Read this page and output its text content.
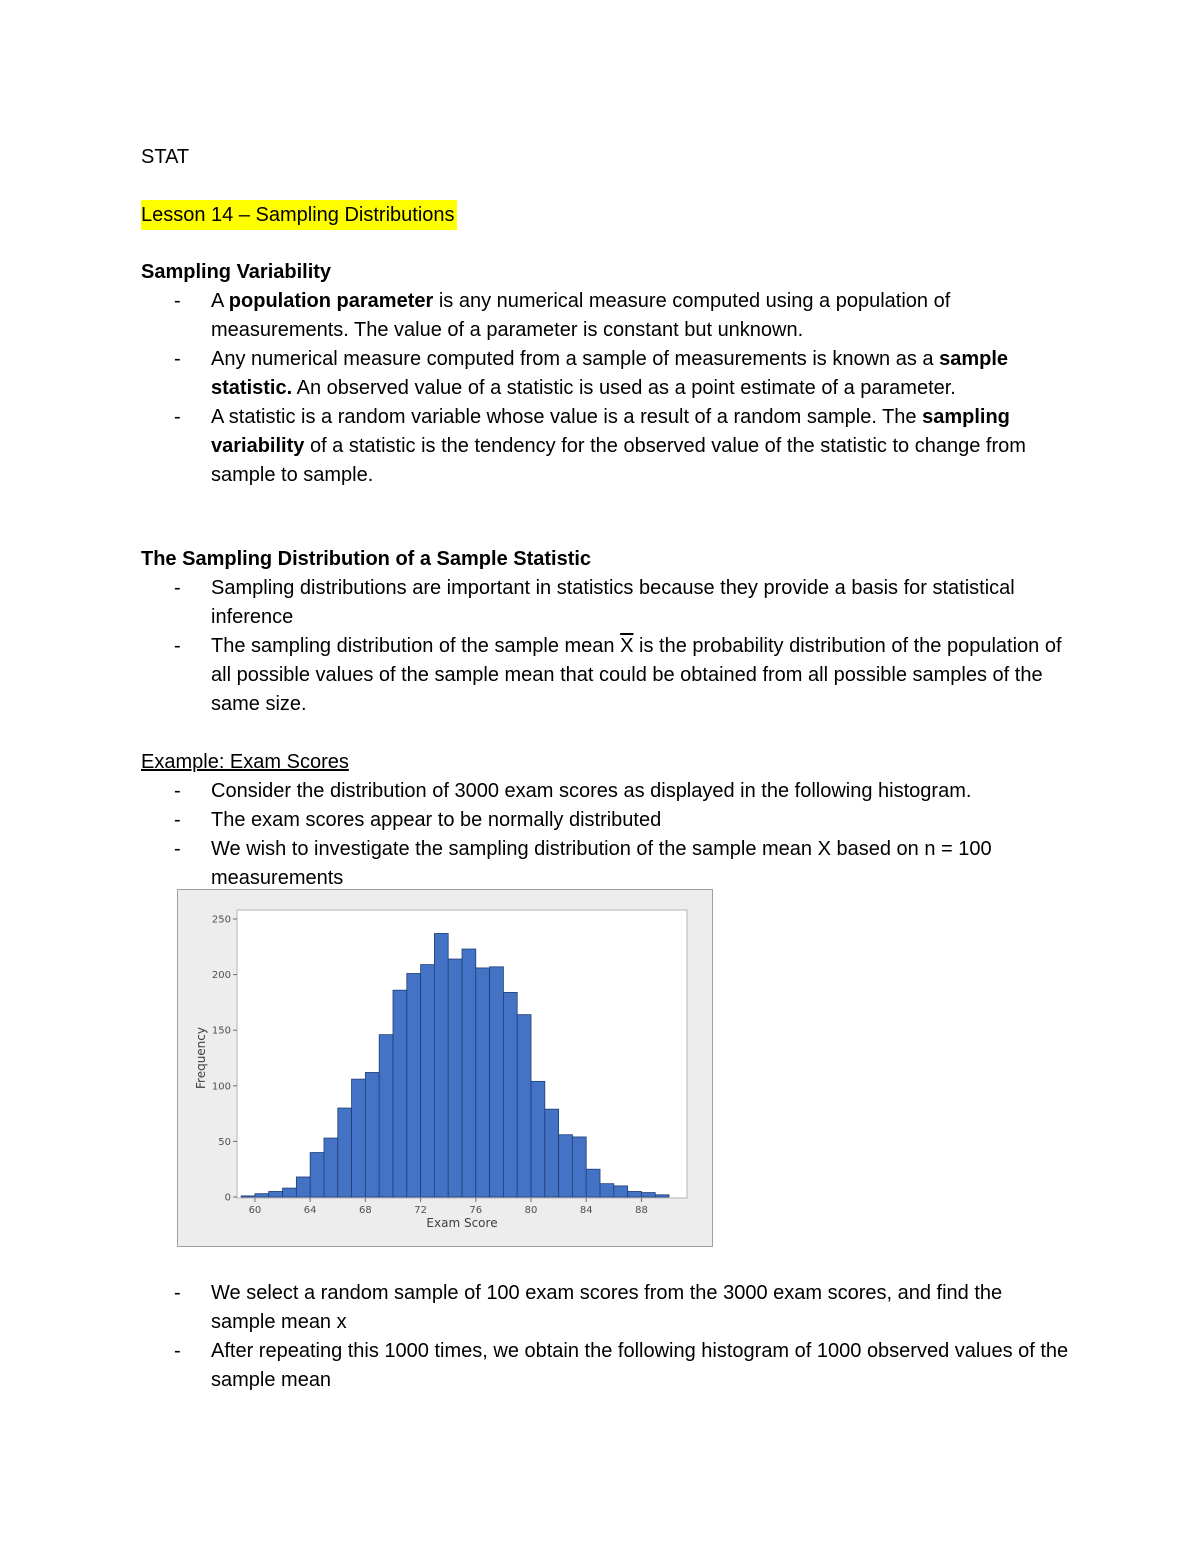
STAT
Lesson 14 – Sampling Distributions
Sampling Variability
- A population parameter is any numerical measure computed using a population of measurements. The value of a parameter is constant but unknown.
- Any numerical measure computed from a sample of measurements is known as a sample statistic. An observed value of a statistic is used as a point estimate of a parameter.
- A statistic is a random variable whose value is a result of a random sample. The sampling variability of a statistic is the tendency for the observed value of the statistic to change from sample to sample.
The Sampling Distribution of a Sample Statistic
- Sampling distributions are important in statistics because they provide a basis for statistical inference
- The sampling distribution of the sample mean $\overline{X}$ is the probability distribution of the population of all possible values of the sample mean that could be obtained from all possible samples of the same size.
Example: Exam Scores
- Consider the distribution of 3000 exam scores as displayed in the following histogram.
- The exam scores appear to be normally distributed
- We wish to investigate the sampling distribution of the sample mean X based on n = 100 measurements
0
50
100
150
200
250
60	64	68	72	76	80	84	88
Exam Score
Frequency
- We select a random sample of 100 exam scores from the 3000 exam scores, and find the sample mean x
- After repeating this 1000 times, we obtain the following histogram of 1000 observed values of the sample mean
